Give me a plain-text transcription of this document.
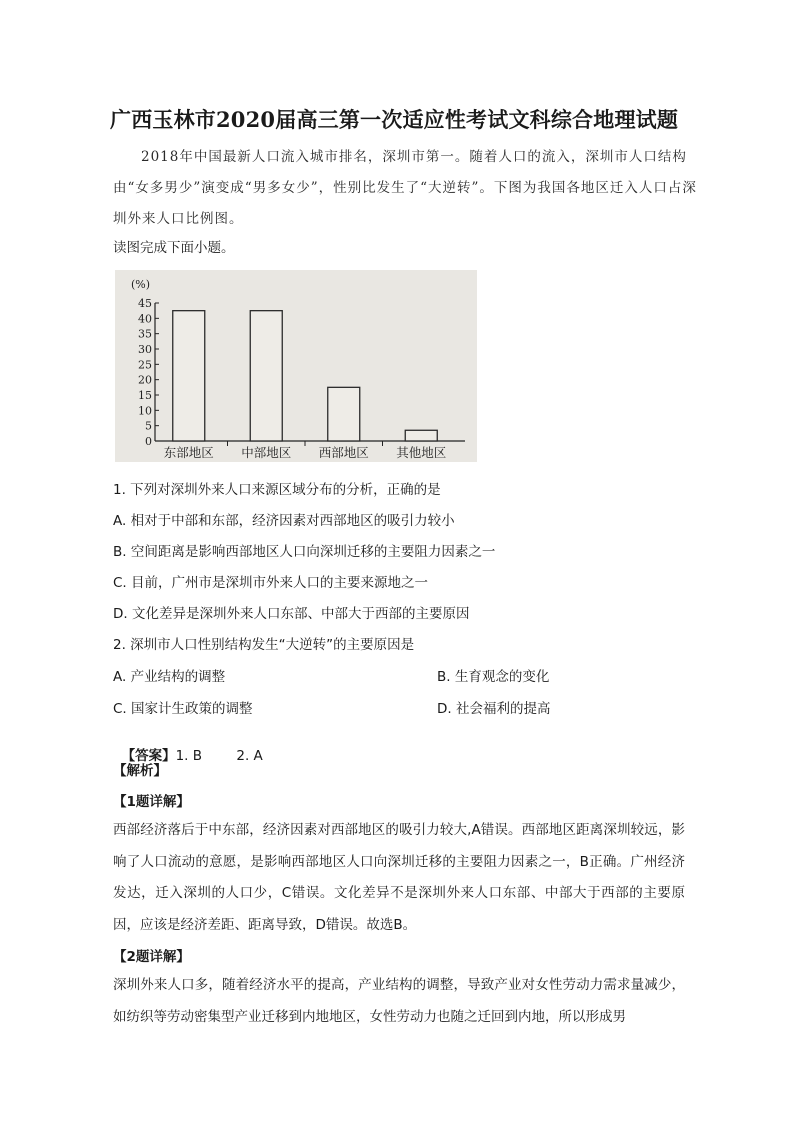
广西玉林市2020届高三第一次适应性考试文科综合地理试题
2018年中国最新人口流入城市排名，深圳市第一。随着人口的流入，深圳市人口结构由“女多男少”演变成“男多女少”，性别比发生了“大逆转”。下图为我国各地区迁入人口占深圳外来人口比例图。
读图完成下面小题。
(%)
0
5
10
15
20
25
30
35
40
45
东部地区 中部地区 西部地区 其他地区
1. 下列对深圳外来人口来源区域分布的分析，正确的是
A. 相对于中部和东部，经济因素对西部地区的吸引力较小
B. 空间距离是影响西部地区人口向深圳迁移的主要阻力因素之一
C. 目前，广州市是深圳市外来人口的主要来源地之一
D. 文化差异是深圳外来人口东部、中部大于西部的主要原因
2. 深圳市人口性别结构发生“大逆转”的主要原因是
A. 产业结构的调整	B. 生育观念的变化
C. 国家计生政策的调整	D. 社会福利的提高

【答案】1. B        2. A

【解析】
【1题详解】
西部经济落后于中东部，经济因素对西部地区的吸引力较大,A错误。西部地区距离深圳较远，影响了人口流动的意愿，是影响西部地区人口向深圳迁移的主要阻力因素之一，B正确。广州经济发达，迁入深圳的人口少，C错误。文化差异不是深圳外来人口东部、中部大于西部的主要原因，应该是经济差距、距离导致，D错误。故选B。
【2题详解】
深圳外来人口多，随着经济水平的提高，产业结构的调整，导致产业对女性劳动力需求量减少，如纺织等劳动密集型产业迁移到内地地区，女性劳动力也随之迁回到内地，所以形成男
